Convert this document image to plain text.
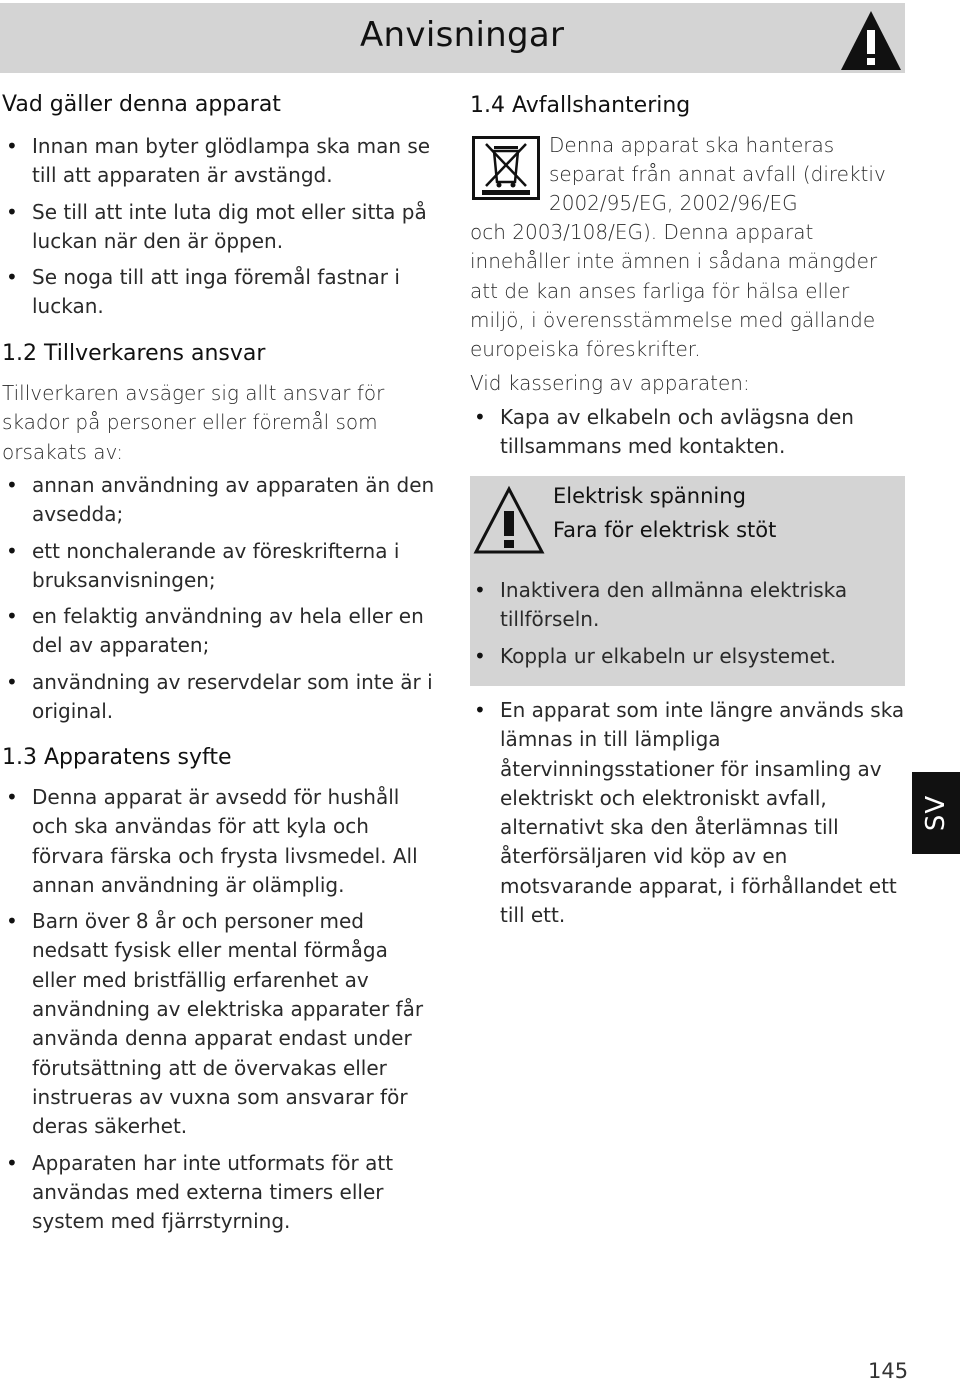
Anvisningar
Vad gäller denna apparat
• Innan man byter glödlampa ska man se till att apparaten är avstängd.
• Se till att inte luta dig mot eller sitta på luckan när den är öppen.
• Se noga till att inga föremål fastnar i luckan.
1.2 Tillverkarens ansvar

Tillverkaren avsäger sig allt ansvar för skador på personer eller föremål som orsakats av:

• annan användning av apparaten än den avsedda;
• ett nonchalerande av föreskrifterna i bruksanvisningen;
• en felaktig användning av hela eller en del av apparaten;
• användning av reservdelar som inte är i original.
1.3 Apparatens syfte
• Denna apparat är avsedd för hushåll och ska användas för att kyla och förvara färska och frysta livsmedel. All annan användning är olämplig.
• Barn över 8 år och personer med nedsatt fysisk eller mental förmåga eller med bristfällig erfarenhet av användning av elektriska apparater får använda denna apparat endast under förutsättning att de övervakas eller instrueras av vuxna som ansvarar för deras säkerhet.
• Apparaten har inte utformats för att användas med externa timers eller system med fjärrstyrning.
1.4 Avfallshantering

Denna apparat ska hanteras

separat från annat avfall (direktiv

2002/95/EG, 2002/96/EG

och 2003/108/EG). Denna apparat innehåller inte ämnen i sådana mängder att de kan anses farliga för hälsa eller miljö, i överensstämmelse med gällande europeiska föreskrifter.

Vid kassering av apparaten:

• Kapa av elkabeln och avlägsna den tillsammans med kontakten.
Elektrisk spänning
Fara för elektrisk stöt
• Inaktivera den allmänna elektriska tillförseln.
• Koppla ur elkabeln ur elsystemet.
• En apparat som inte längre används ska lämnas in till lämpliga återvinningsstationer för insamling av elektriskt och elektroniskt avfall, alternativt ska den återlämnas till återförsäljaren vid köp av en motsvarande apparat, i förhållandet ett till ett.
SV
145
